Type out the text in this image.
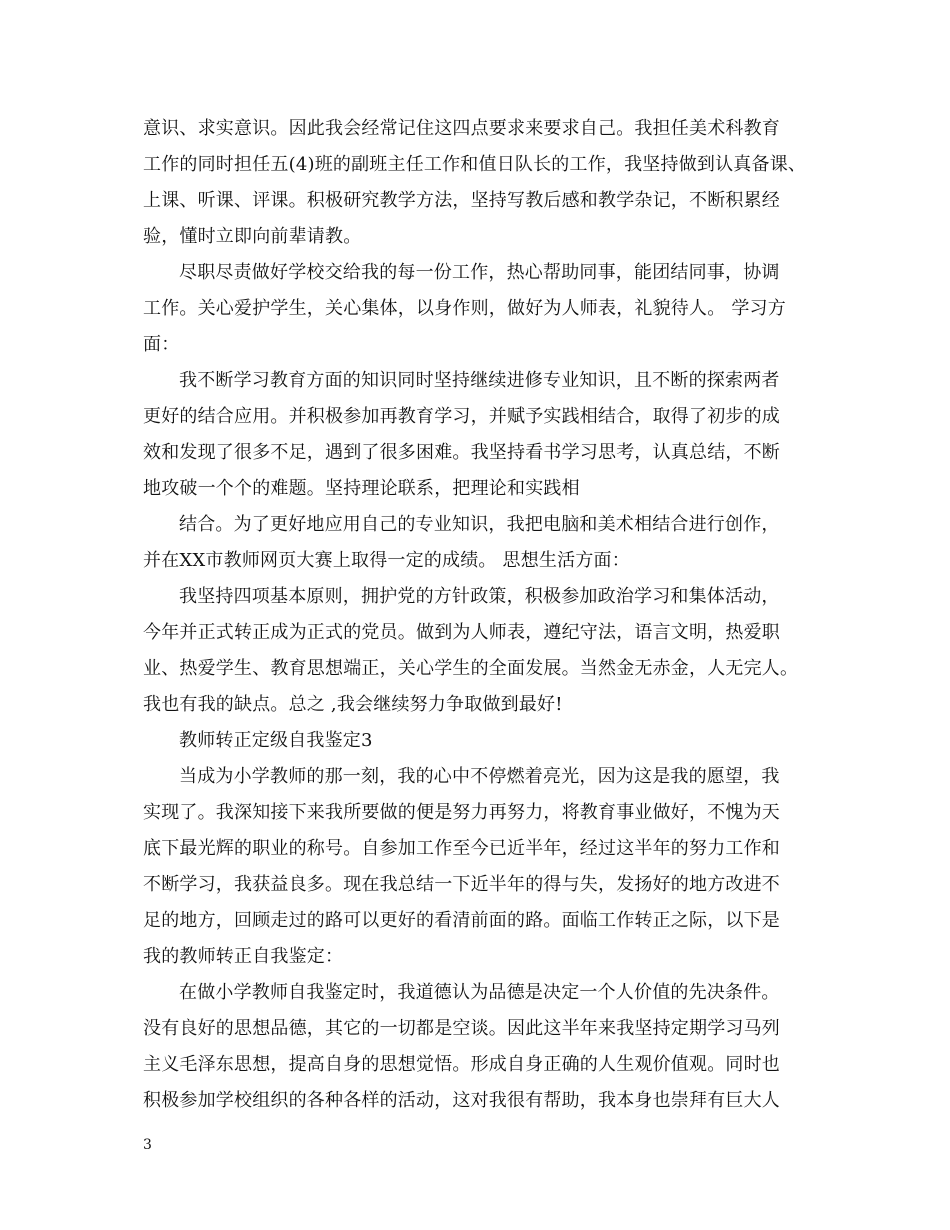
意识、求实意识。因此我会经常记住这四点要求来要求自己。我担任美术科教育
工作的同时担任五(4)班的副班主任工作和值日队长的工作，我坚持做到认真备课、
上课、听课、评课。积极研究教学方法，坚持写教后感和教学杂记，不断积累经
验，懂时立即向前辈请教。
尽职尽责做好学校交给我的每一份工作，热心帮助同事，能团结同事，协调
工作。关心爱护学生，关心集体，以身作则，做好为人师表，礼貌待人。 学习方
面：
我不断学习教育方面的知识同时坚持继续进修专业知识，且不断的探索两者
更好的结合应用。并积极参加再教育学习，并赋予实践相结合，取得了初步的成
效和发现了很多不足，遇到了很多困难。我坚持看书学习思考，认真总结，不断
地攻破一个个的难题。坚持理论联系，把理论和实践相
结合。为了更好地应用自己的专业知识，我把电脑和美术相结合进行创作，
并在XX市教师网页大赛上取得一定的成绩。 思想生活方面：
我坚持四项基本原则，拥护党的方针政策，积极参加政治学习和集体活动，
今年并正式转正成为正式的党员。做到为人师表，遵纪守法，语言文明，热爱职
业、热爱学生、教育思想端正，关心学生的全面发展。当然金无赤金，人无完人。
我也有我的缺点。总之 ,我会继续努力争取做到最好!
教师转正定级自我鉴定3
当成为小学教师的那一刻，我的心中不停燃着亮光，因为这是我的愿望，我
实现了。我深知接下来我所要做的便是努力再努力，将教育事业做好，不愧为天
底下最光辉的职业的称号。自参加工作至今已近半年，经过这半年的努力工作和
不断学习，我获益良多。现在我总结一下近半年的得与失，发扬好的地方改进不
足的地方，回顾走过的路可以更好的看清前面的路。面临工作转正之际，以下是
我的教师转正自我鉴定：
在做小学教师自我鉴定时，我道德认为品德是决定一个人价值的先决条件。
没有良好的思想品德，其它的一切都是空谈。因此这半年来我坚持定期学习马列
主义毛泽东思想，提高自身的思想觉悟。形成自身正确的人生观价值观。同时也
积极参加学校组织的各种各样的活动，这对我很有帮助，我本身也崇拜有巨大人
3
